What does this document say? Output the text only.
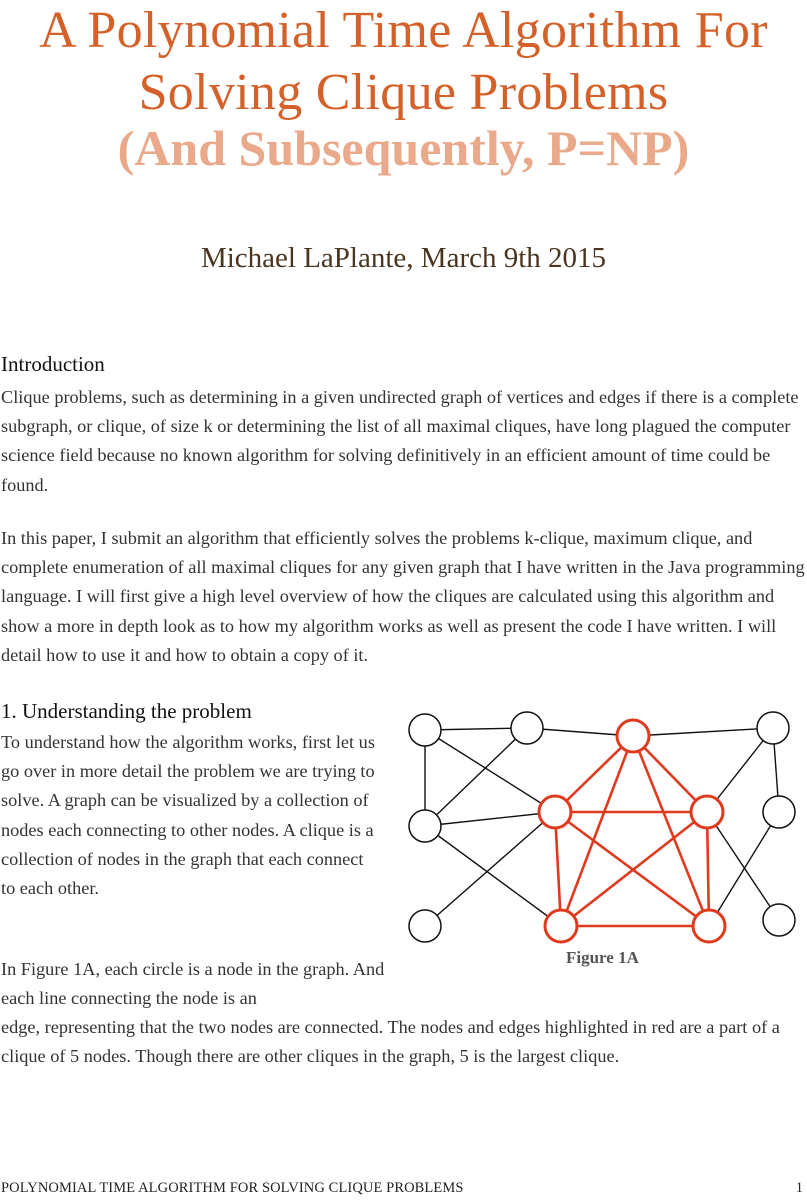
A Polynomial Time Algorithm For
Solving Clique Problems
(And Subsequently, P=NP)
Michael LaPlante, March 9th 2015
Introduction
Clique problems, such as determining in a given undirected graph of vertices and edges if there is a complete subgraph, or clique, of size k or determining the list of all maximal cliques, have long plagued the computer science field because no known algorithm for solving definitively in an efficient amount of time could be found.
In this paper, I submit an algorithm that efficiently solves the problems k-clique, maximum clique, and complete enumeration of all maximal cliques for any given graph that I have written in the Java programming language. I will first give a high level overview of how the cliques are calculated using this algorithm and show a more in depth look as to how my algorithm works as well as present the code I have written. I will detail how to use it and how to obtain a copy of it.
1. Understanding the problem
To understand how the algorithm works, first let us go over in more detail the problem we are trying to solve. A graph can be visualized by a collection of nodes each connecting to other nodes. A clique is a collection of nodes in the graph that each connect to each other.
In Figure 1A, each circle is a node in the graph. And each line connecting the node is an
edge, representing that the two nodes are connected. The nodes and edges highlighted in red are a part of a clique of 5 nodes. Though there are other cliques in the graph, 5 is the largest clique.
Figure 1A
POLYNOMIAL TIME ALGORITHM FOR SOLVING CLIQUE PROBLEMS	1
